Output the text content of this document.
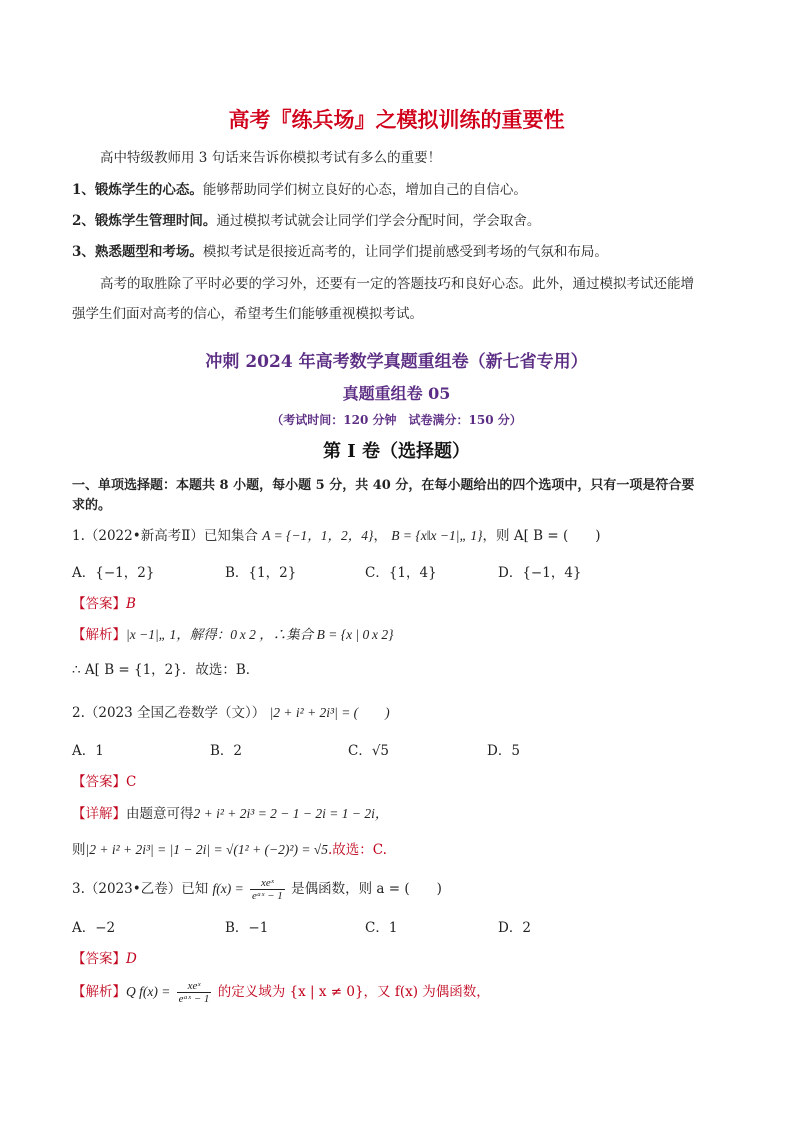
高考『练兵场』之模拟训练的重要性
高中特级教师用 3 句话来告诉你模拟考试有多么的重要！
1、锻炼学生的心态。能够帮助同学们树立良好的心态，增加自己的自信心。
2、锻炼学生管理时间。通过模拟考试就会让同学们学会分配时间，学会取舍。
3、熟悉题型和考场。模拟考试是很接近高考的，让同学们提前感受到考场的气氛和布局。
高考的取胜除了平时必要的学习外，还要有一定的答题技巧和良好心态。此外，通过模拟考试还能增
强学生们面对高考的信心，希望考生们能够重视模拟考试。
冲刺 2024 年高考数学真题重组卷（新七省专用）
真题重组卷 05
（考试时间：120 分钟　试卷满分：150 分）
第 I 卷（选择题）
一、单项选择题：本题共 8 小题，每小题 5 分，共 40 分，在每小题给出的四个选项中，只有一项是符合要
求的。
1.（2022•新高考Ⅱ）已知集合 A = {−1，1，2，4}， B = {x‖x −1|„ 1}，则 A[ B = (　　)
A．{−1，2}	B．{1，2}	C．{1，4}	D．{−1，4}
【答案】B
【解析】|x −1|„ 1，解得：0 x 2 ，∴集合 B = {x | 0 x 2}
∴ A[ B = {1，2}．故选：B．
2.（2023 全国乙卷数学（文）） |2 + i² + 2i³| = (　　)
A．1	B．2	C．√5	D．5
【答案】C
【详解】由题意可得2 + i² + 2i³ = 2 − 1 − 2i = 1 − 2i，
则|2 + i² + 2i³| = |1 − 2i| = √(1² + (−2)²) = √5.故选：C.
3.（2023•乙卷）已知 $f(x) = \frac{\text{xeˣ}}{\text{eᵃˣ − 1}}$ 是偶函数，则 a = (　　)
A．−2	B．−1	C．1	D．2
【答案】D
【解析】Q $f(x) = \frac{\text{xeˣ}}{\text{eᵃˣ − 1}}$ 的定义域为 {x | x ≠ 0}，又 f(x) 为偶函数，
